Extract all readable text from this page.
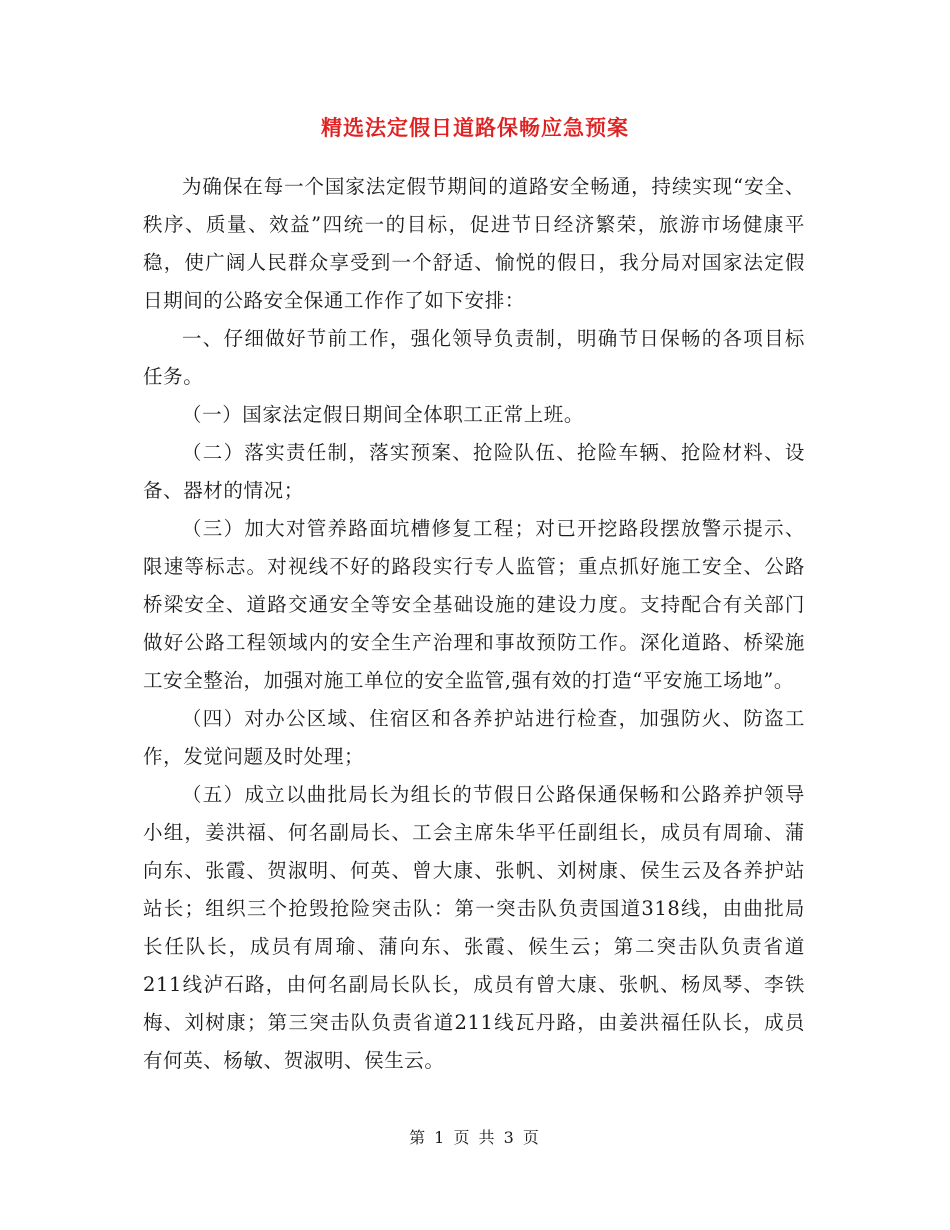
精选法定假日道路保畅应急预案

为确保在每一个国家法定假节期间的道路安全畅通，持续实现“安全、秩序、质量、效益”四统一的目标，促进节日经济繁荣，旅游市场健康平稳，使广阔人民群众享受到一个舒适、愉悦的假日，我分局对国家法定假日期间的公路安全保通工作作了如下安排：

一、仔细做好节前工作，强化领导负责制，明确节日保畅的各项目标任务。

（一）国家法定假日期间全体职工正常上班。

（二）落实责任制，落实预案、抢险队伍、抢险车辆、抢险材料、设备、器材的情况；

（三）加大对管养路面坑槽修复工程；对已开挖路段摆放警示提示、限速等标志。对视线不好的路段实行专人监管；重点抓好施工安全、公路桥梁安全、道路交通安全等安全基础设施的建设力度。支持配合有关部门做好公路工程领域内的安全生产治理和事故预防工作。深化道路、桥梁施工安全整治，加强对施工单位的安全监管,强有效的打造“平安施工场地”。

（四）对办公区域、住宿区和各养护站进行检查，加强防火、防盗工作，发觉问题及时处理；

（五）成立以曲批局长为组长的节假日公路保通保畅和公路养护领导小组，姜洪福、何名副局长、工会主席朱华平任副组长，成员有周瑜、蒲向东、张霞、贺淑明、何英、曾大康、张帆、刘树康、侯生云及各养护站站长；组织三个抢毁抢险突击队：第一突击队负责国道318线，由曲批局长任队长，成员有周瑜、蒲向东、张霞、候生云；第二突击队负责省道211线泸石路，由何名副局长队长，成员有曾大康、张帆、杨凤琴、李铁梅、刘树康；第三突击队负责省道211线瓦丹路，由姜洪福任队长，成员有何英、杨敏、贺淑明、侯生云。

第 1 页 共 3 页
